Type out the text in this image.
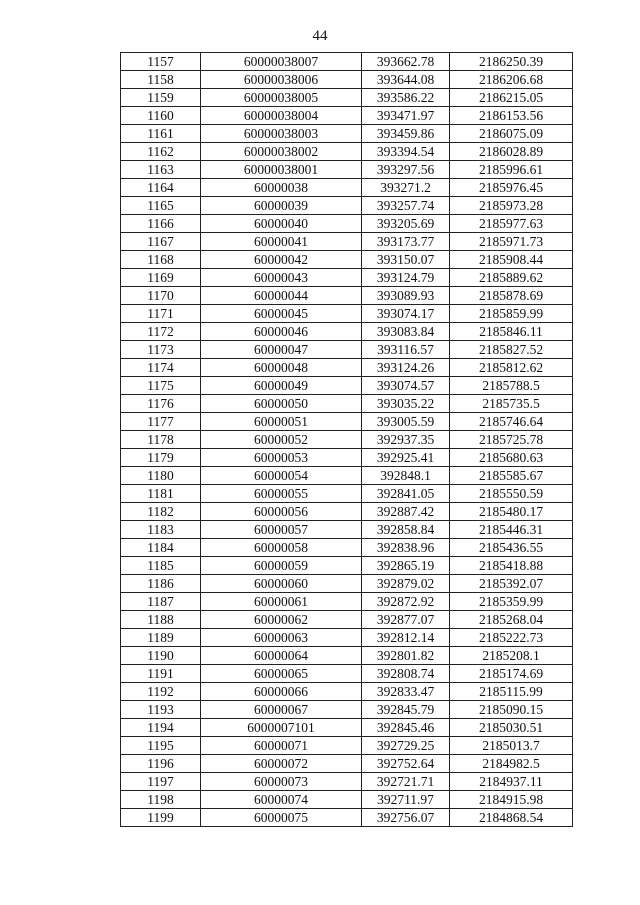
44
1157	60000038007	393662.78	2186250.39
1158	60000038006	393644.08	2186206.68
1159	60000038005	393586.22	2186215.05
1160	60000038004	393471.97	2186153.56
1161	60000038003	393459.86	2186075.09
1162	60000038002	393394.54	2186028.89
1163	60000038001	393297.56	2185996.61
1164	60000038	393271.2	2185976.45
1165	60000039	393257.74	2185973.28
1166	60000040	393205.69	2185977.63
1167	60000041	393173.77	2185971.73
1168	60000042	393150.07	2185908.44
1169	60000043	393124.79	2185889.62
1170	60000044	393089.93	2185878.69
1171	60000045	393074.17	2185859.99
1172	60000046	393083.84	2185846.11
1173	60000047	393116.57	2185827.52
1174	60000048	393124.26	2185812.62
1175	60000049	393074.57	2185788.5
1176	60000050	393035.22	2185735.5
1177	60000051	393005.59	2185746.64
1178	60000052	392937.35	2185725.78
1179	60000053	392925.41	2185680.63
1180	60000054	392848.1	2185585.67
1181	60000055	392841.05	2185550.59
1182	60000056	392887.42	2185480.17
1183	60000057	392858.84	2185446.31
1184	60000058	392838.96	2185436.55
1185	60000059	392865.19	2185418.88
1186	60000060	392879.02	2185392.07
1187	60000061	392872.92	2185359.99
1188	60000062	392877.07	2185268.04
1189	60000063	392812.14	2185222.73
1190	60000064	392801.82	2185208.1
1191	60000065	392808.74	2185174.69
1192	60000066	392833.47	2185115.99
1193	60000067	392845.79	2185090.15
1194	6000007101	392845.46	2185030.51
1195	60000071	392729.25	2185013.7
1196	60000072	392752.64	2184982.5
1197	60000073	392721.71	2184937.11
1198	60000074	392711.97	2184915.98
1199	60000075	392756.07	2184868.54
